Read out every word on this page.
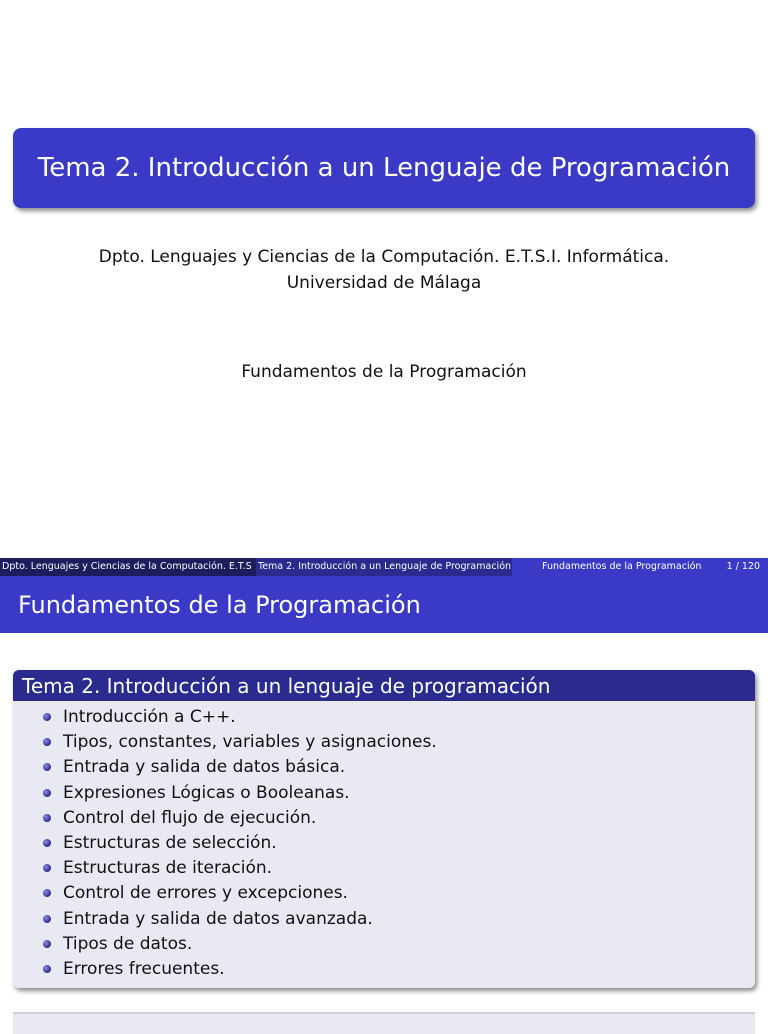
Tema 2. Introducción a un Lenguaje de Programación
Dpto. Lenguajes y Ciencias de la Computación. E.T.S.I. Informática.
Universidad de Málaga
Fundamentos de la Programación
Dpto. Lenguajes y Ciencias de la Computación. E.T.S Tema 2. Introducción a un Lenguaje de Programación	Fundamentos de la Programación	1 / 120
Fundamentos de la Programación
Tema 2. Introducción a un lenguaje de programación
Introducción a C++.
Tipos, constantes, variables y asignaciones.
Entrada y salida de datos básica.
Expresiones Lógicas o Booleanas.
Control del flujo de ejecución.
Estructuras de selección.
Estructuras de iteración.
Control de errores y excepciones.
Entrada y salida de datos avanzada.
Tipos de datos.
Errores frecuentes.
